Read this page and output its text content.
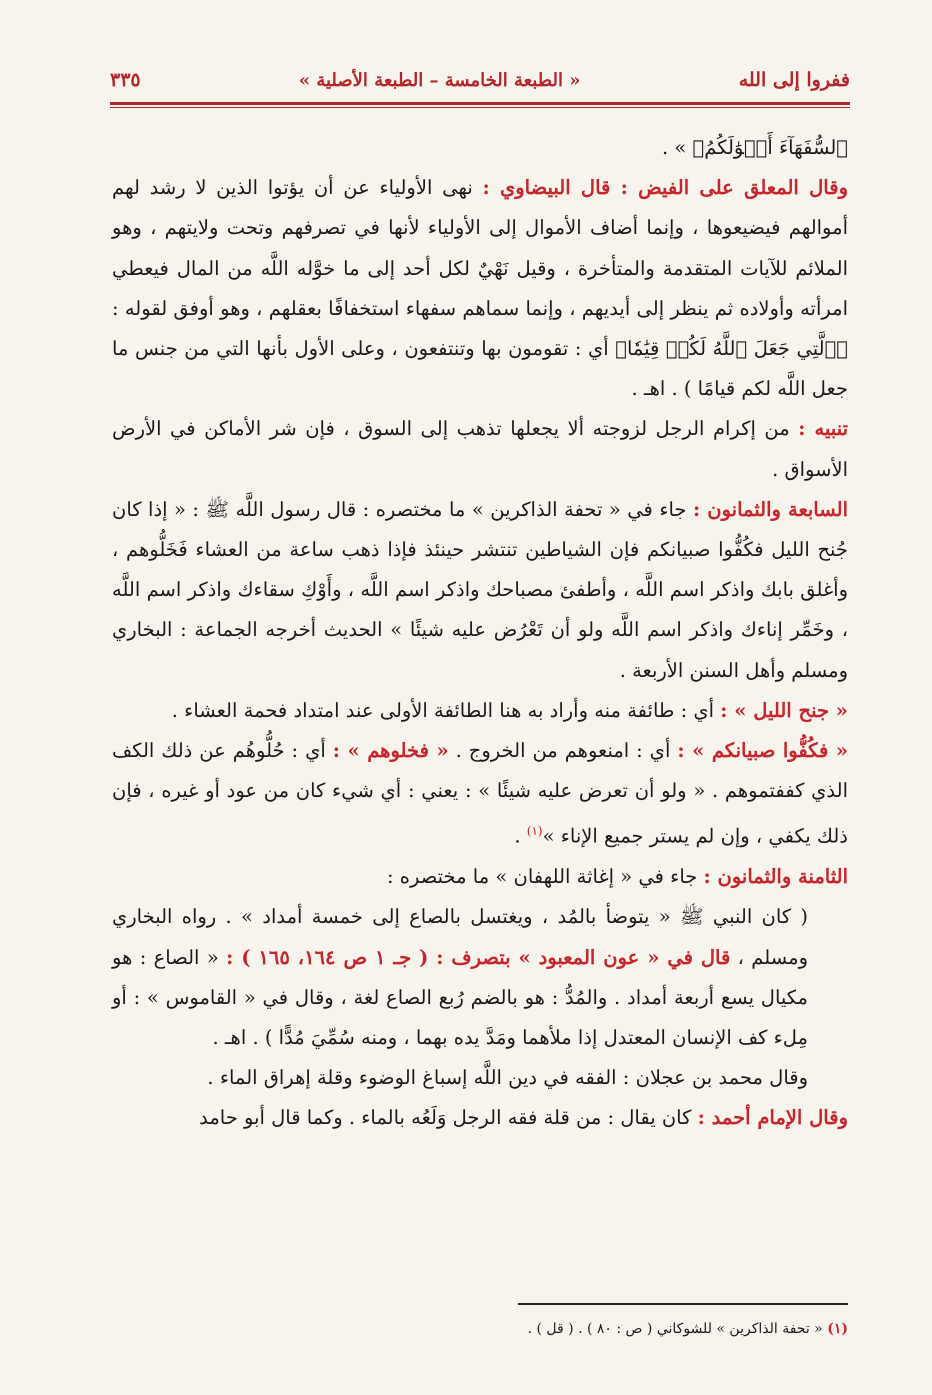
ففروا إلى الله
« الطبعة الخامسة – الطبعة الأصلية »
٣٣٥

ﭐﻟﺴُّﻔَﻬَﺎٓءَ أَمۡوَٰلَكُمُ﴾ » .

وقال المعلق على الفيض : قال البيضاوي : نهى الأولياء عن أن يؤتوا الذين لا رشد لهم أموالهم فيضيعوها ، وإنما أضاف الأموال إلى الأولياء لأنها في تصرفهم وتحت ولايتهم ، وهو الملائم للآيات المتقدمة والمتأخرة ، وقيل نَهْيٌ لكل أحد إلى ما خوَّله اللَّه من المال فيعطي امرأته وأولاده ثم ينظر إلى أيديهم ، وإنما سماهم سفهاء استخفافًا بعقلهم ، وهو أوفق لقوله : ﴿ٱلَّتِي جَعَلَ ٱللَّهُ لَكُمۡ قِيَٰمٗا﴾ أي : تقومون بها وتنتفعون ، وعلى الأول بأنها التي من جنس ما جعل اللَّه لكم قيامًا ) . اهـ .

تنبيه : من إكرام الرجل لزوجته ألا يجعلها تذهب إلى السوق ، فإن شر الأماكن في الأرض الأسواق .

السابعة والثمانون : جاء في « تحفة الذاكرين » ما مختصره : قال رسول اللَّه ﷺ : « إذا كان جُنح الليل فكُفُّوا صبيانكم فإن الشياطين تنتشر حينئذ فإذا ذهب ساعة من العشاء فَخَلُّوهم ، وأغلق بابك واذكر اسم اللَّه ، وأطفئ مصباحك واذكر اسم اللَّه ، وأَوْكِ سقاءك واذكر اسم اللَّه ، وخَمِّر إناءك واذكر اسم اللَّه ولو أن تَعْرُض عليه شيئًا » الحديث أخرجه الجماعة : البخاري ومسلم وأهل السنن الأربعة .

« جنح الليل » : أي : طائفة منه وأراد به هنا الطائفة الأولى عند امتداد فحمة العشاء .

« فكُفُّوا صبيانكم » : أي : امنعوهم من الخروج . « فخلوهم » : أي : حُلُّوهُم عن ذلك الكف الذي كففتموهم . « ولو أن تعرض عليه شيئًا » : يعني : أي شيء كان من عود أو غيره ، فإن ذلك يكفي ، وإن لم يستر جميع الإناء »$^{(١)}$ .

الثامنة والثمانون : جاء في « إغاثة اللهفان » ما مختصره :

( كان النبي ﷺ « يتوضأ بالمُد ، ويغتسل بالصاع إلى خمسة أمداد » . رواه البخاري ومسلم ، قال في « عون المعبود » بتصرف : ( جـ ١ ص ١٦٤، ١٦٥ ) : « الصاع : هو مكيال يسع أربعة أمداد . والمُدُّ : هو بالضم رُبع الصاع لغة ، وقال في « القاموس » : أو مِلء كف الإنسان المعتدل إذا ملأهما ومَدَّ يده بهما ، ومنه سُمِّيَ مُدًّا ) . اهـ .

وقال محمد بن عجلان : الفقه في دين اللَّه إسباغ الوضوء وقلة إهراق الماء .

وقال الإمام أحمد : كان يقال : من قلة فقه الرجل وَلَعُه بالماء . وكما قال أبو حامد

(١) « تحفة الذاكرين » للشوكاني ( ص : ٨٠ ) . ( قل ) .
